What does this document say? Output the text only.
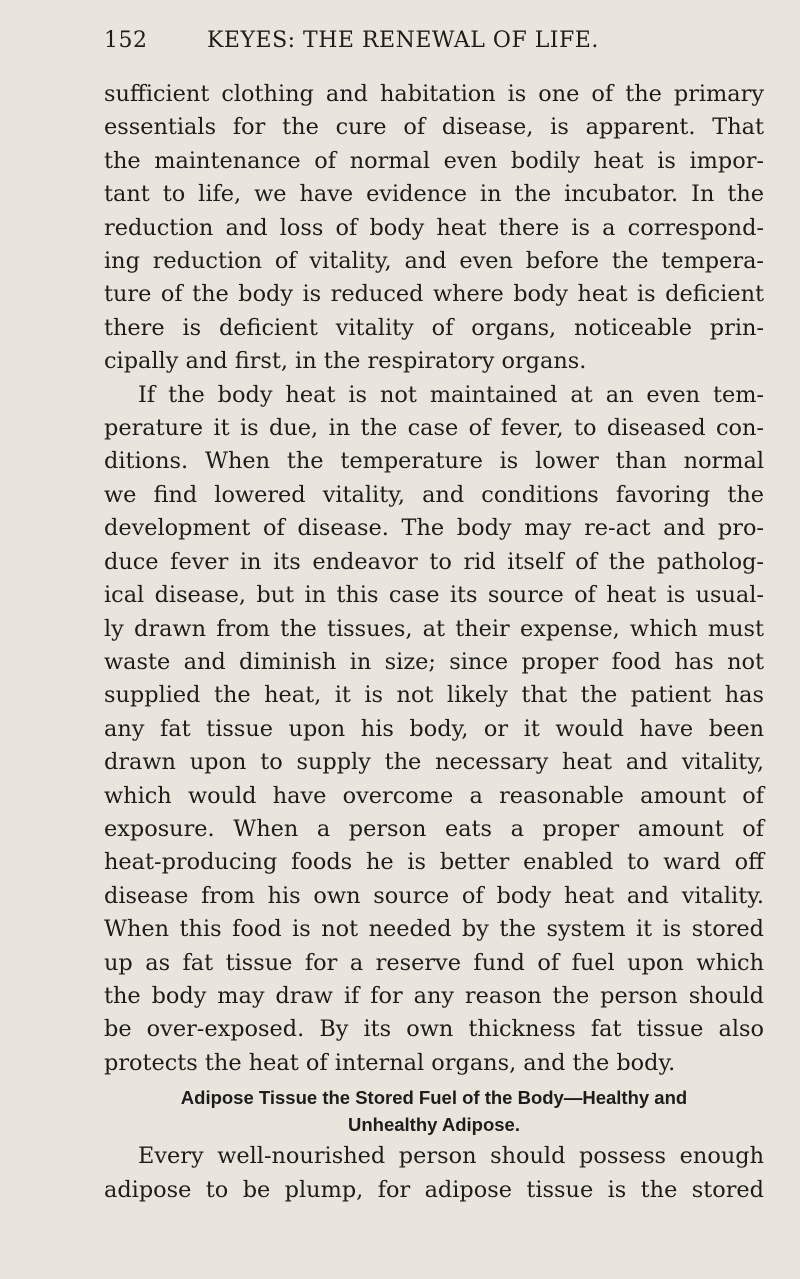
152	KEYES: THE RENEWAL OF LIFE.

sufficient clothing and habitation is one of the primary
essentials for the cure of disease, is apparent. That
the maintenance of normal even bodily heat is impor-
tant to life, we have evidence in the incubator. In the
reduction and loss of body heat there is a correspond-
ing reduction of vitality, and even before the tempera-
ture of the body is reduced where body heat is deficient
there is deficient vitality of organs, noticeable prin-
cipally and first, in the respiratory organs.

If the body heat is not maintained at an even tem-
perature it is due, in the case of fever, to diseased con-
ditions. When the temperature is lower than normal
we find lowered vitality, and conditions favoring the
development of disease. The body may re-act and pro-
duce fever in its endeavor to rid itself of the patholog-
ical disease, but in this case its source of heat is usual-
ly drawn from the tissues, at their expense, which must
waste and diminish in size; since proper food has not
supplied the heat, it is not likely that the patient has
any fat tissue upon his body, or it would have been
drawn upon to supply the necessary heat and vitality,
which would have overcome a reasonable amount of
exposure. When a person eats a proper amount of
heat-producing foods he is better enabled to ward off
disease from his own source of body heat and vitality.
When this food is not needed by the system it is stored
up as fat tissue for a reserve fund of fuel upon which
the body may draw if for any reason the person should
be over-exposed. By its own thickness fat tissue also
protects the heat of internal organs, and the body.

Adipose Tissue the Stored Fuel of the Body—Healthy and
Unhealthy Adipose.

Every well-nourished person should possess enough
adipose to be plump, for adipose tissue is the stored
